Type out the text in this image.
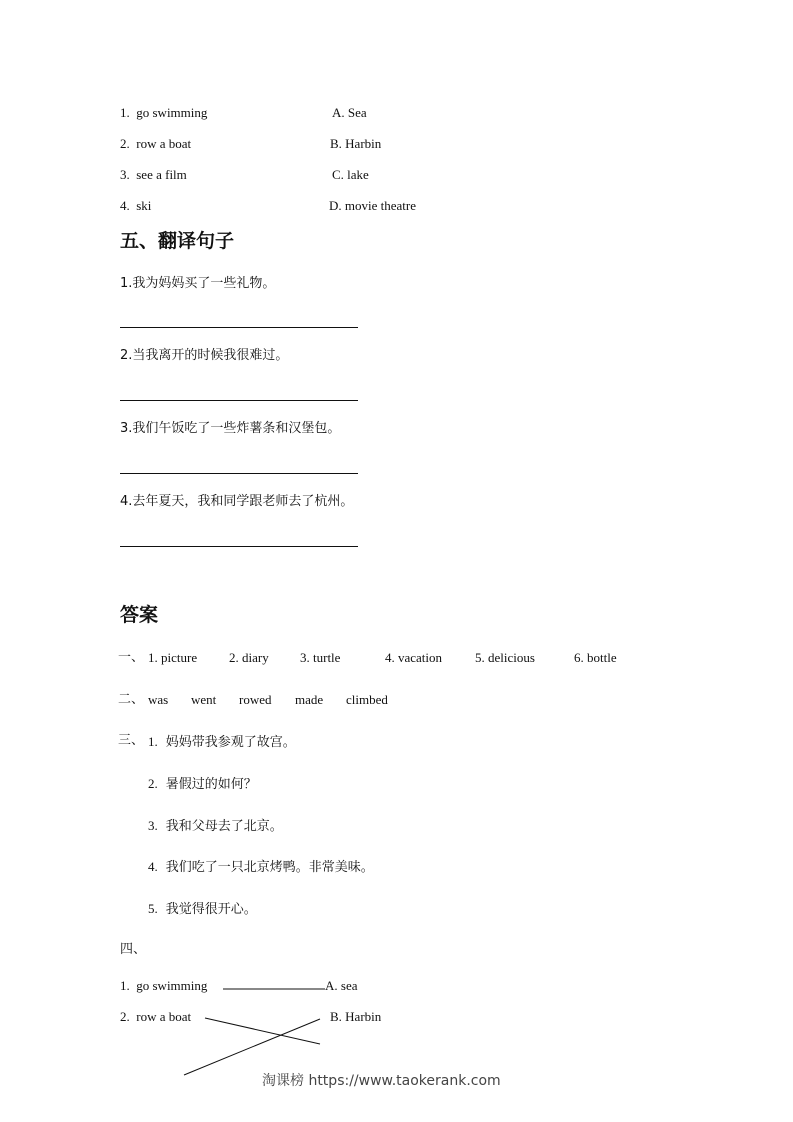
1. go swimming	A. Sea
2. row a boat	B. Harbin
3. see a film	C. lake
4. ski	D. movie theatre
五、翻译句子
1.我为妈妈买了一些礼物。
2.当我离开的时候我很难过。
3.我们午饭吃了一些炸薯条和汉堡包。
4.去年夏天，我和同学跟老师去了杭州。
答案
一、 1. picture 2. diary 3. turtle	4. vacation	5. delicious	6. bottle
二、 was went rowed made climbed
三、 1. 妈妈带我参观了故宫。
2. 暑假过的如何？
3. 我和父母去了北京。
4. 我们吃了一只北京烤鸭。非常美味。
5. 我觉得很开心。
四、
1. go swimming	A. sea
2. row a boat	B. Harbin
淘课榜 https://www.taokerank.com
